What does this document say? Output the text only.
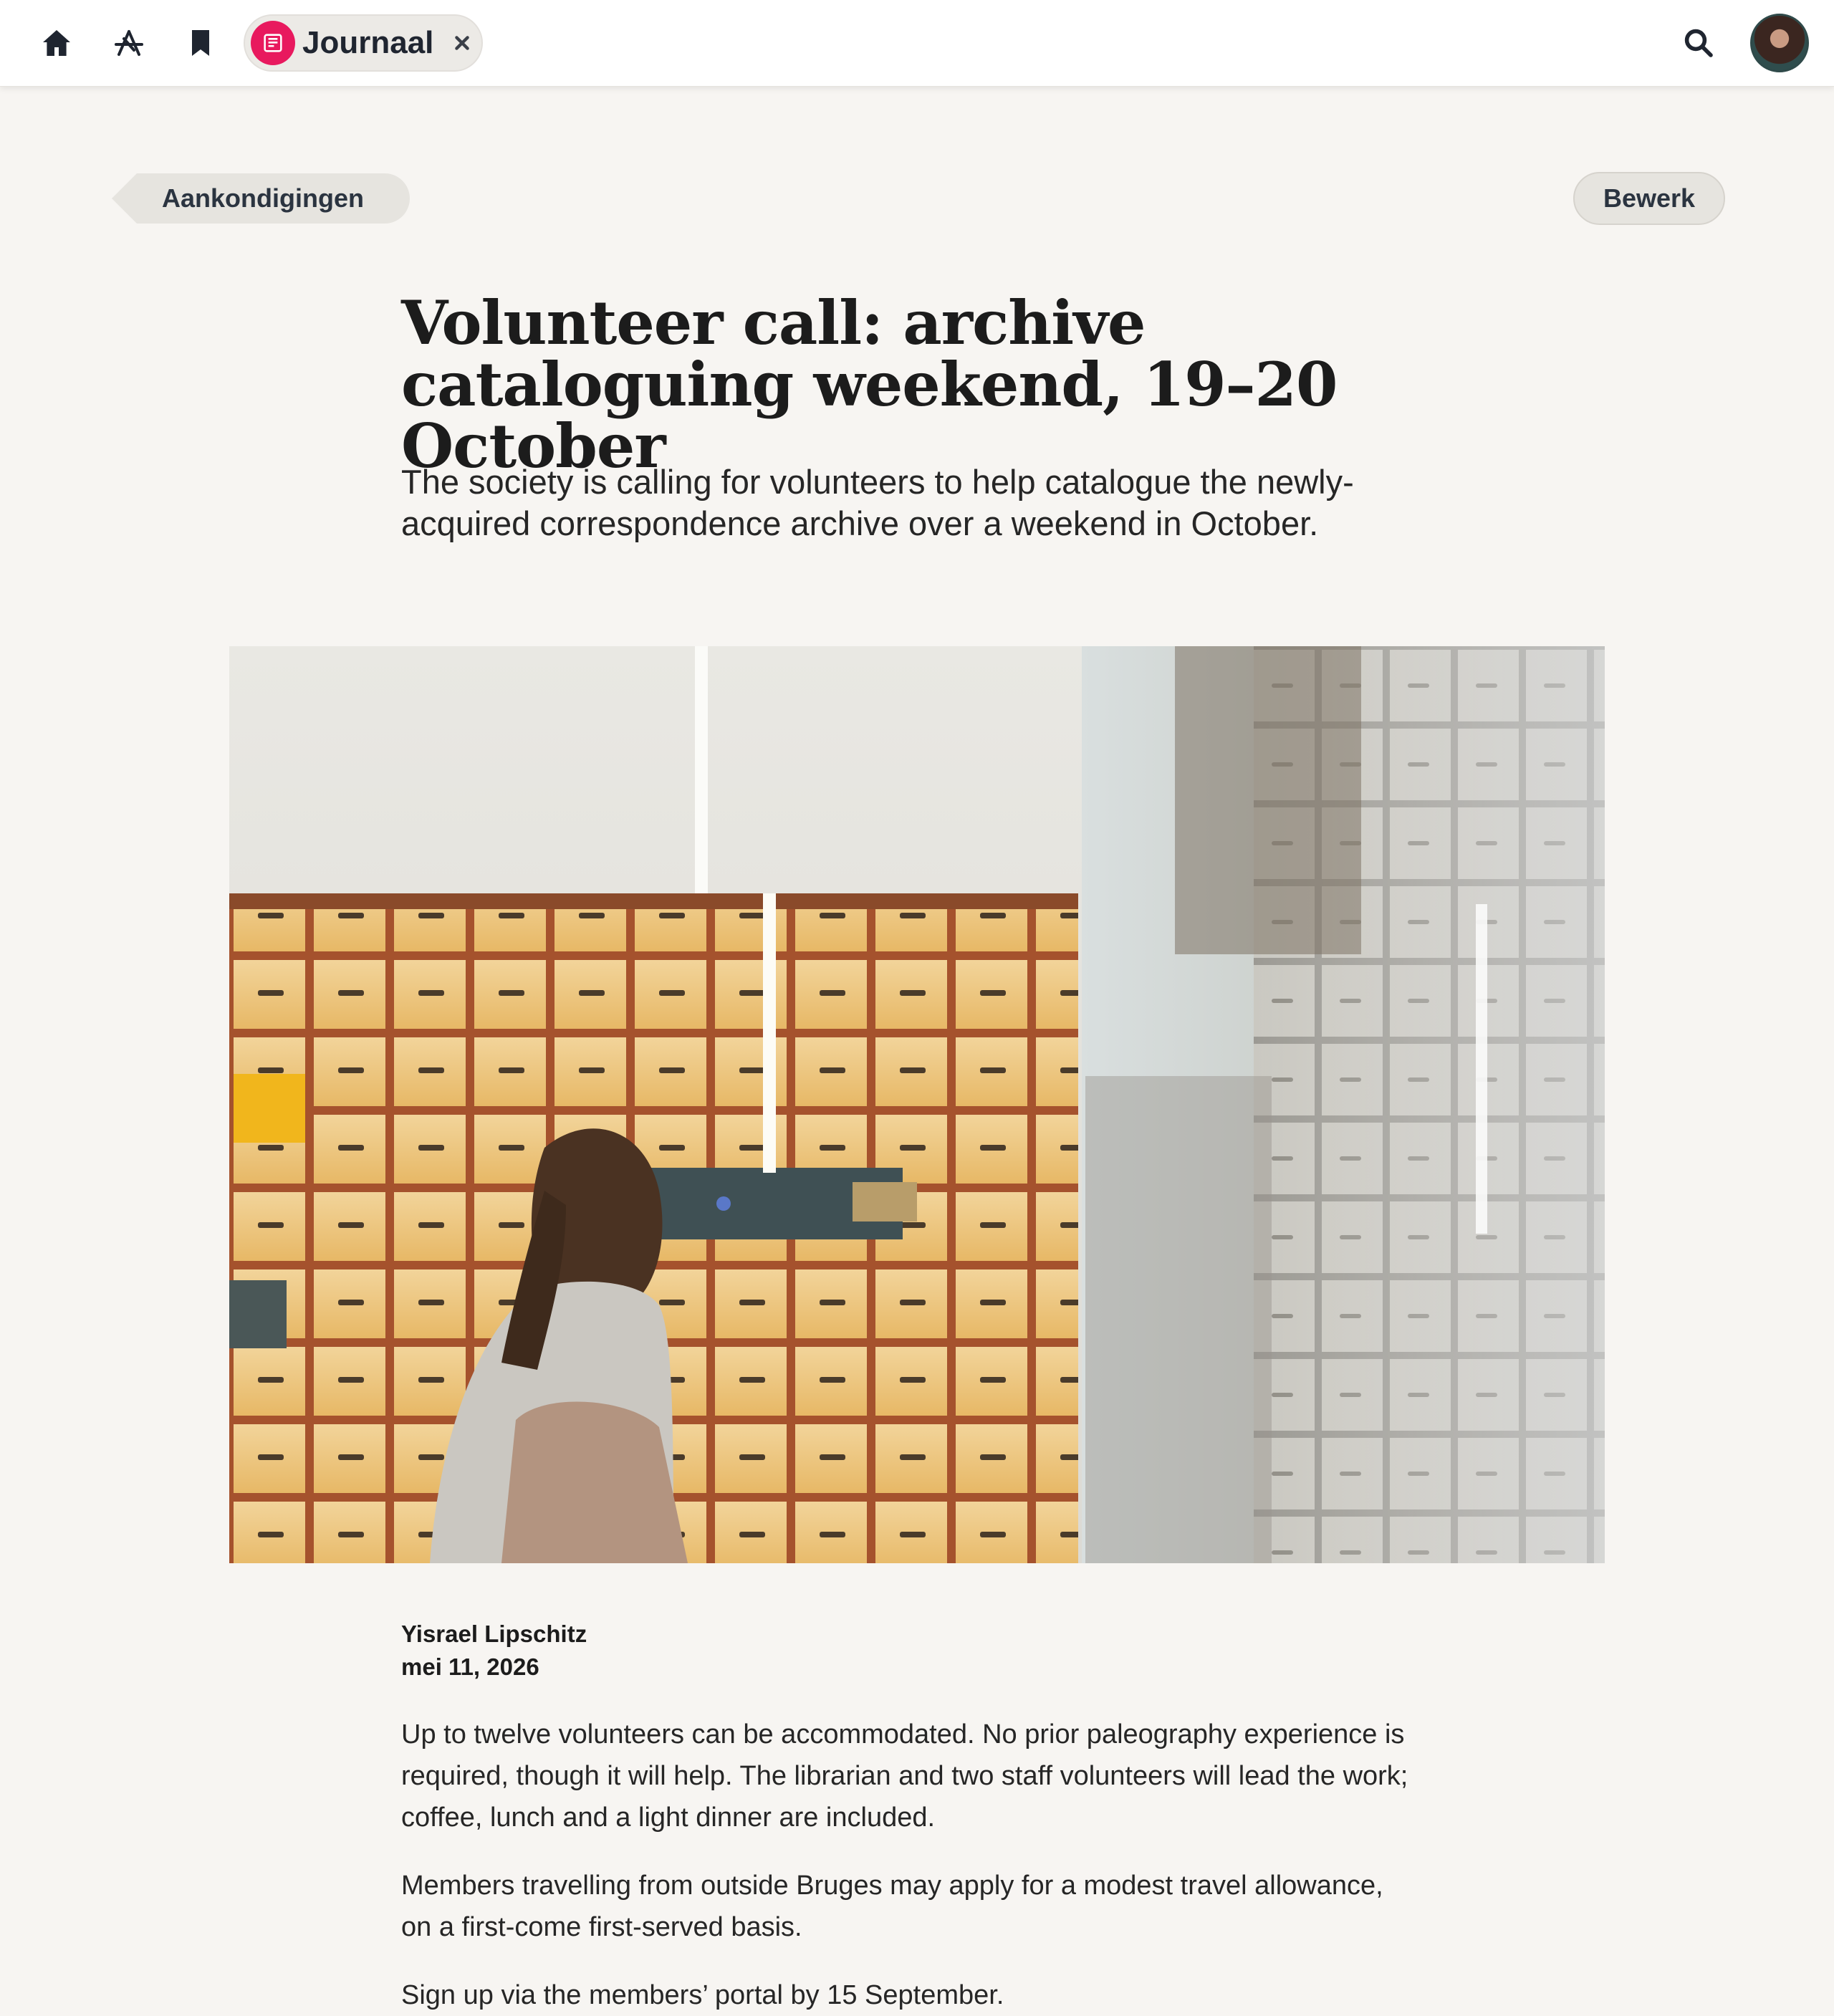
Journaal
Aankondigingen	Bewerk
Volunteer call: archive cataloguing weekend, 19–20 October

The society is calling for volunteers to help catalogue the newly-acquired correspondence archive over a weekend in October.

Yisrael Lipschitz
mei 11, 2026

Up to twelve volunteers can be accommodated. No prior paleography experience is required, though it will help. The librarian and two staff volunteers will lead the work; coffee, lunch and a light dinner are included.

Members travelling from outside Bruges may apply for a modest travel allowance, on a first-come first-served basis.

Sign up via the members’ portal by 15 September.
